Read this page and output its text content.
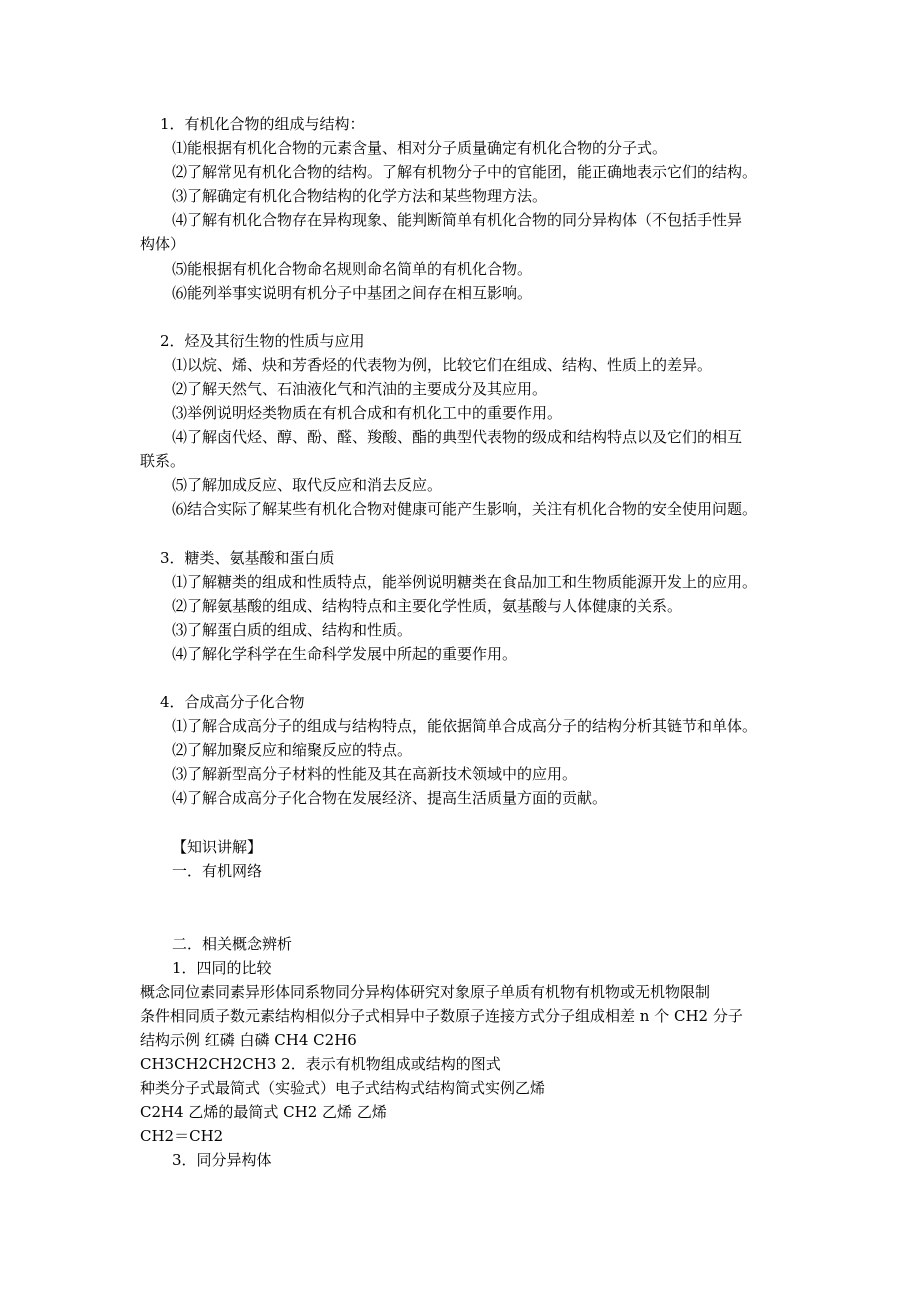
1．有机化合物的组成与结构：
⑴能根据有机化合物的元素含量、相对分子质量确定有机化合物的分子式。
⑵了解常见有机化合物的结构。了解有机物分子中的官能团，能正确地表示它们的结构。
⑶了解确定有机化合物结构的化学方法和某些物理方法。
⑷了解有机化合物存在异构现象、能判断简单有机化合物的同分异构体（不包括手性异
构体）
⑸能根据有机化合物命名规则命名简单的有机化合物。
⑹能列举事实说明有机分子中基团之间存在相互影响。
2．烃及其衍生物的性质与应用
⑴以烷、烯、炔和芳香烃的代表物为例，比较它们在组成、结构、性质上的差异。
⑵了解天然气、石油液化气和汽油的主要成分及其应用。
⑶举例说明烃类物质在有机合成和有机化工中的重要作用。
⑷了解卤代烃、醇、酚、醛、羧酸、酯的典型代表物的级成和结构特点以及它们的相互
联系。
⑸了解加成反应、取代反应和消去反应。
⑹结合实际了解某些有机化合物对健康可能产生影响，关注有机化合物的安全使用问题。
3．糖类、氨基酸和蛋白质
⑴了解糖类的组成和性质特点，能举例说明糖类在食品加工和生物质能源开发上的应用。
⑵了解氨基酸的组成、结构特点和主要化学性质，氨基酸与人体健康的关系。
⑶了解蛋白质的组成、结构和性质。
⑷了解化学科学在生命科学发展中所起的重要作用。
4．合成高分子化合物
⑴了解合成高分子的组成与结构特点，能依据简单合成高分子的结构分析其链节和单体。
⑵了解加聚反应和缩聚反应的特点。
⑶了解新型高分子材料的性能及其在高新技术领域中的应用。
⑷了解合成高分子化合物在发展经济、提高生活质量方面的贡献。
【知识讲解】
一．有机网络
二．相关概念辨析
1．四同的比较
概念同位素同素异形体同系物同分异构体研究对象原子单质有机物有机物或无机物限制
条件相同质子数元素结构相似分子式相异中子数原子连接方式分子组成相差 n 个 CH2 分子
结构示例 红磷 白磷 CH4 C2H6
CH3CH2CH2CH3 2．表示有机物组成或结构的图式
种类分子式最简式（实验式）电子式结构式结构简式实例乙烯
C2H4 乙烯的最简式 CH2 乙烯 乙烯
CH2＝CH2
3．同分异构体
